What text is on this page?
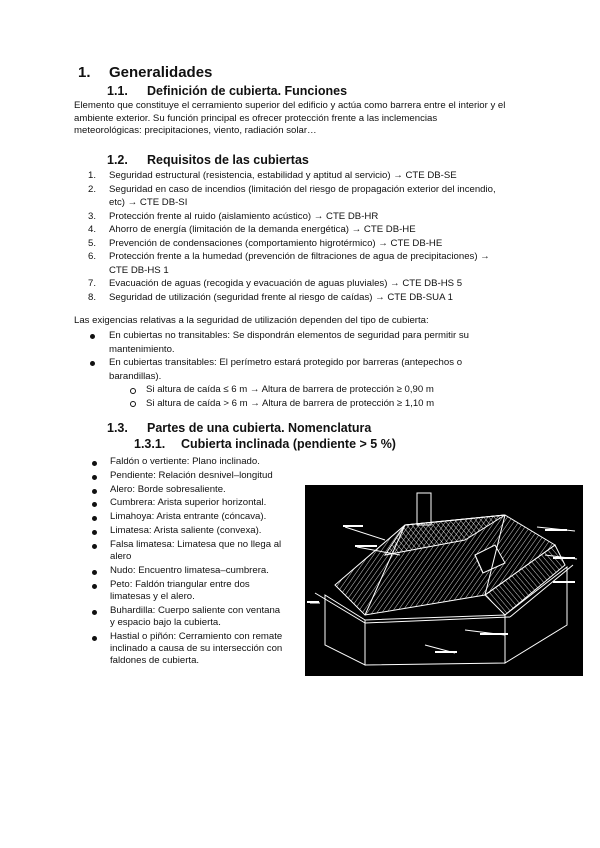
1. Generalidades
1.1. Definición de cubierta. Funciones
Elemento que constituye el cerramiento superior del edificio y actúa como barrera entre el interior y el
ambiente exterior. Su función principal es ofrecer protección frente a las inclemencias
meteorológicas: precipitaciones, viento, radiación solar…
1.2. Requisitos de las cubiertas
1. Seguridad estructural (resistencia, estabilidad y aptitud al servicio) → CTE DB-SE
2. Seguridad en caso de incendios (limitación del riesgo de propagación exterior del incendio,
etc) → CTE DB-SI
3. Protección frente al ruido (aislamiento acústico) → CTE DB-HR
4. Ahorro de energía (limitación de la demanda energética) → CTE DB-HE
5. Prevención de condensaciones (comportamiento higrotérmico) → CTE DB-HE
6. Protección frente a la humedad (prevención de filtraciones de agua de precipitaciones) →
CTE DB-HS 1
7. Evacuación de aguas (recogida y evacuación de aguas pluviales) → CTE DB-HS 5
8. Seguridad de utilización (seguridad frente al riesgo de caídas) → CTE DB-SUA 1
Las exigencias relativas a la seguridad de utilización dependen del tipo de cubierta:
En cubiertas no transitables: Se dispondrán elementos de seguridad para permitir su
mantenimiento.
En cubiertas transitables: El perímetro estará protegido por barreras (antepechos o
barandillas).
Si altura de caída ≤ 6 m → Altura de barrera de protección ≥ 0,90 m
Si altura de caída > 6 m → Altura de barrera de protección ≥ 1,10 m
1.3. Partes de una cubierta. Nomenclatura
1.3.1. Cubierta inclinada (pendiente > 5 %)
Faldón o vertiente: Plano inclinado.
Pendiente: Relación desnivel–longitud
Alero: Borde sobresaliente.
Cumbrera: Arista superior horizontal.
Limahoya: Arista entrante (cóncava).
Limatesa: Arista saliente (convexa).
Falsa limatesa: Limatesa que no llega al
alero
Nudo: Encuentro limatesa–cumbrera.
Peto: Faldón triangular entre dos
limatesas y el alero.
Buhardilla: Cuerpo saliente con ventana
y espacio bajo la cubierta.
Hastial o piñón: Cerramiento con remate
inclinado a causa de su intersección con
faldones de cubierta.
